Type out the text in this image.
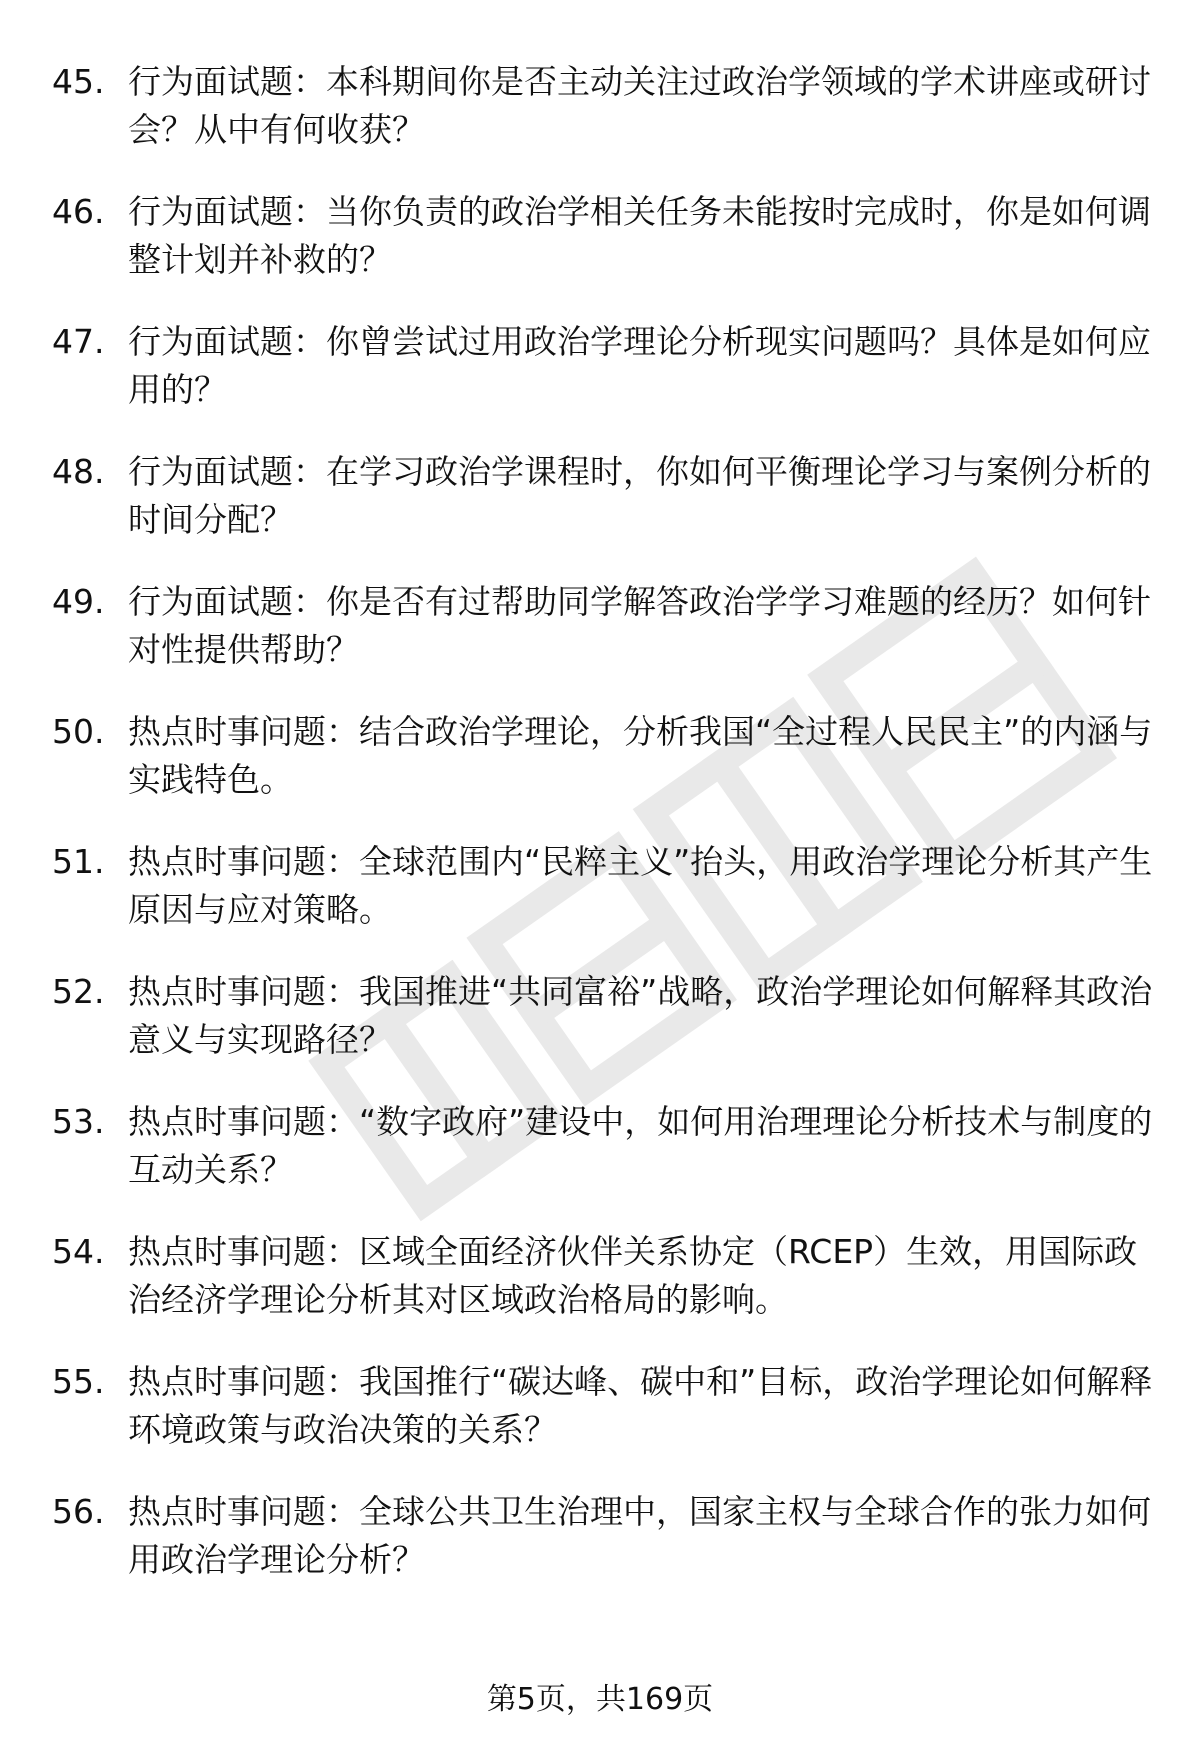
45. 行为面试题：本科期间你是否主动关注过政治学领域的学术讲座或研讨会？从中有何收获？
46. 行为面试题：当你负责的政治学相关任务未能按时完成时，你是如何调整计划并补救的？
47. 行为面试题：你曾尝试过用政治学理论分析现实问题吗？具体是如何应用的？
48. 行为面试题：在学习政治学课程时，你如何平衡理论学习与案例分析的时间分配？
49. 行为面试题：你是否有过帮助同学解答政治学学习难题的经历？如何针对性提供帮助？
50. 热点时事问题：结合政治学理论，分析我国“全过程人民民主”的内涵与实践特色。
51. 热点时事问题：全球范围内“民粹主义”抬头，用政治学理论分析其产生原因与应对策略。
52. 热点时事问题：我国推进“共同富裕”战略，政治学理论如何解释其政治意义与实现路径？
53. 热点时事问题：“数字政府”建设中，如何用治理理论分析技术与制度的互动关系？
54. 热点时事问题：区域全面经济伙伴关系协定（RCEP）生效，用国际政治经济学理论分析其对区域政治格局的影响。
55. 热点时事问题：我国推行“碳达峰、碳中和”目标，政治学理论如何解释环境政策与政治决策的关系？
56. 热点时事问题：全球公共卫生治理中，国家主权与全球合作的张力如何用政治学理论分析？
第5页，共169页
